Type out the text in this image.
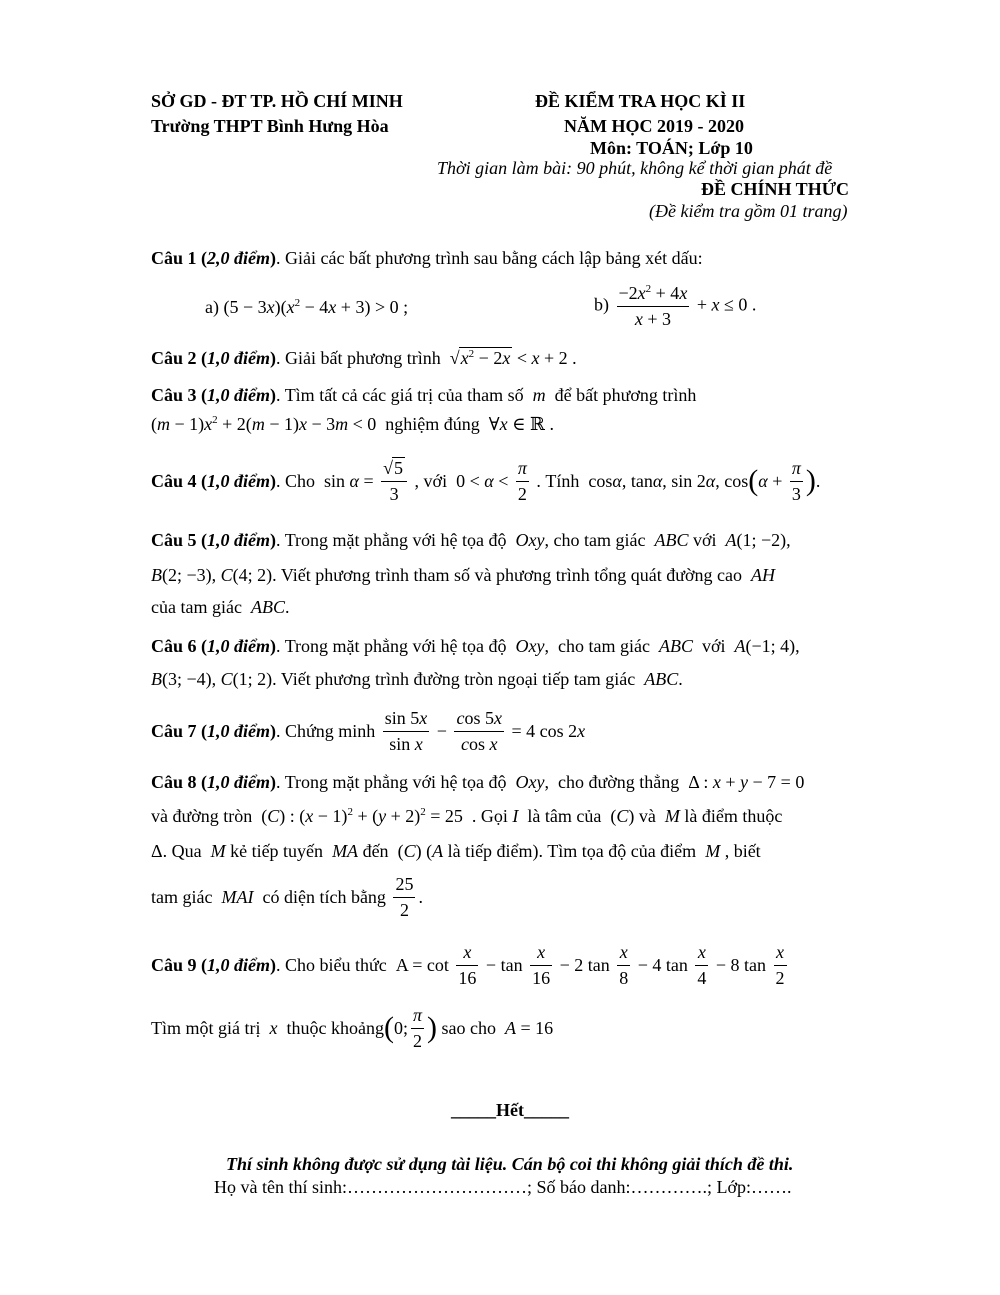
SỞ GD - ĐT TP. HỒ CHÍ MINH
Trường THPT Bình Hưng Hòa
ĐỀ KIỂM TRA HỌC KÌ II
NĂM HỌC 2019 - 2020
Môn: TOÁN; Lớp 10
Thời gian làm bài: 90 phút, không kể thời gian phát đề
ĐỀ CHÍNH THỨC
(Đề kiểm tra gồm 01 trang)
Câu 1 (2,0 điểm). Giải các bất phương trình sau bằng cách lập bảng xét dấu:
a) $(5 - 3x)(x^2 - 4x + 3) > 0$ ;	$b) \frac{-2x^2 + 4x}{x + 3} + x \le 0$ .
Câu 2 (1,0 điểm). Giải bất phương trình  $√x^2 - 2x < x + 2$ .
Câu 3 (1,0 điểm). Tìm tất cả các giá trị của tham số  m  để bất phương trình
$(m - 1)x^2 + 2(m - 1)x - 3m < 0$  nghiệm đúng  ∀x ∈ ℝ .
Câu 4 (1,0 điểm). Cho  $\sin \alpha = \frac{√5}{3}$ , với  $0 < \alpha < \frac{\pi}{2}$ . Tính  cosα, tanα, sin 2α, $\cos(\alpha + \frac{\pi}{3}$ ).
Câu 5 (1,0 điểm). Trong mặt phẳng với hệ tọa độ  Oxy, cho tam giác  ABC với A(1; −2),
B(2; −3), C(4; 2). Viết phương trình tham số và phương trình tổng quát đường cao  AH
của tam giác ABC.
Câu 6 (1,0 điểm). Trong mặt phẳng với hệ tọa độ  Oxy,  cho tam giác  ABC  với A(−1; 4),
B(3; −4), C(1; 2). Viết phương trình đường tròn ngoại tiếp tam giác ABC.
Câu 7 (1,0 điểm). Chứng minh $\frac{\sin 5x}{\text{sin x}} - \frac{\cos 5x}{\text{cos x}} = 4$ cos 2x
Câu 8 (1,0 điểm). Trong mặt phẳng với hệ tọa độ  Oxy,  cho đường thẳng  Δ : x + y − 7 = 0
và đường tròn  (C) : $(x - 1)^2 + (y + 2)^2 = 25$  . Gọi I  là tâm của  (C) và  M là điểm thuộc
Δ. Qua  M kẻ tiếp tuyến  MA đến  (C) (A là tiếp điểm). Tìm tọa độ của điểm  M , biết
tam giác  MAI  có diện tích bằng $\frac{25}{2}$ .
Câu 9 (1,0 điểm). Cho biểu thức  $A = \cot \frac{x}{16} - \tan \frac{x}{16} - 2$ $\tan \frac{x}{8} - 4$ $\tan \frac{x}{4} - 8$ $\tan \frac{x}{2}$
Tìm một giá trị  x  thuộc khoảng(0; $\frac{\pi}{2}$ ) sao cho A = 16
_____Hết_____
Thí sinh không được sử dụng tài liệu. Cán bộ coi thi không giải thích đề thi.
Họ và tên thí sinh:…………………………; Số báo danh:………….; Lớp:…….
